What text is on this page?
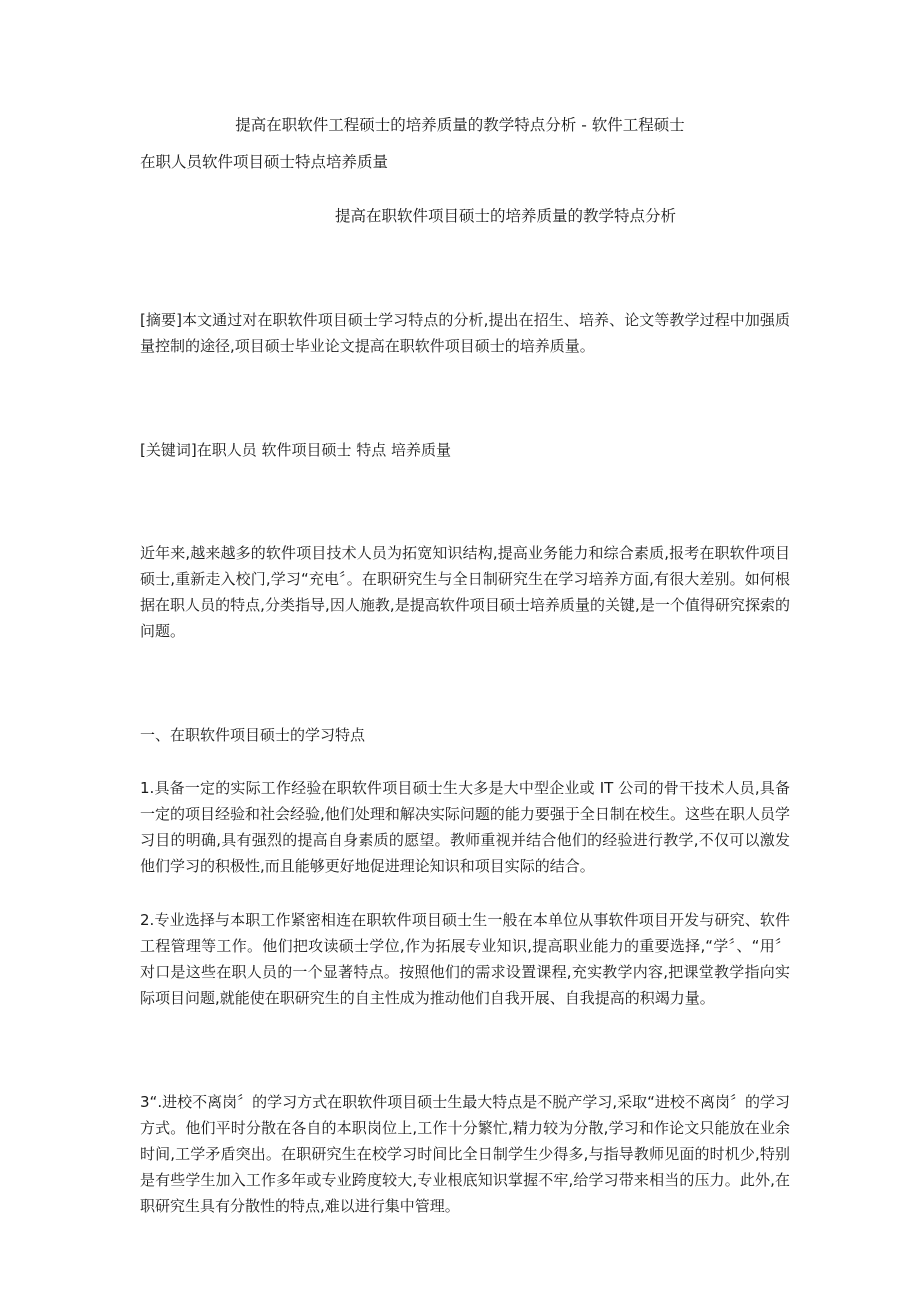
提高在职软件工程硕士的培养质量的教学特点分析 - 软件工程硕士

在职人员软件项目硕士特点培养质量

提高在职软件项目硕士的培养质量的教学特点分析

[摘要]本文通过对在职软件项目硕士学习特点的分析,提出在招生、培养、论文等教学过程中加强质量控制的途径,项目硕士毕业论文提高在职软件项目硕士的培养质量。

[关键词]在职人员 软件项目硕士 特点 培养质量

近年来,越来越多的软件项目技术人员为拓宽知识结构,提高业务能力和综合素质,报考在职软件项目硕士,重新走入校门,学习“充电〞。在职研究生与全日制研究生在学习培养方面,有很大差别。如何根据在职人员的特点,分类指导,因人施教,是提高软件项目硕士培养质量的关键,是一个值得研究探索的问题。

一、在职软件项目硕士的学习特点

1.具备一定的实际工作经验在职软件项目硕士生大多是大中型企业或 IT 公司的骨干技术人员,具备一定的项目经验和社会经验,他们处理和解决实际问题的能力要强于全日制在校生。这些在职人员学习目的明确,具有强烈的提高自身素质的愿望。教师重视并结合他们的经验进行教学,不仅可以激发他们学习的积极性,而且能够更好地促进理论知识和项目实际的结合。

2.专业选择与本职工作紧密相连在职软件项目硕士生一般在本单位从事软件项目开发与研究、软件工程管理等工作。他们把攻读硕士学位,作为拓展专业知识,提高职业能力的重要选择,“学〞、“用〞对口是这些在职人员的一个显著特点。按照他们的需求设置课程,充实教学内容,把课堂教学指向实际项目问题,就能使在职研究生的自主性成为推动他们自我开展、自我提高的积竭力量。

3“.进校不离岗〞的学习方式在职软件项目硕士生最大特点是不脱产学习,采取“进校不离岗〞的学习方式。他们平时分散在各自的本职岗位上,工作十分繁忙,精力较为分散,学习和作论文只能放在业余时间,工学矛盾突出。在职研究生在校学习时间比全日制学生少得多,与指导教师见面的时机少,特别是有些学生加入工作多年或专业跨度较大,专业根底知识掌握不牢,给学习带来相当的压力。此外,在职研究生具有分散性的特点,难以进行集中管理。
